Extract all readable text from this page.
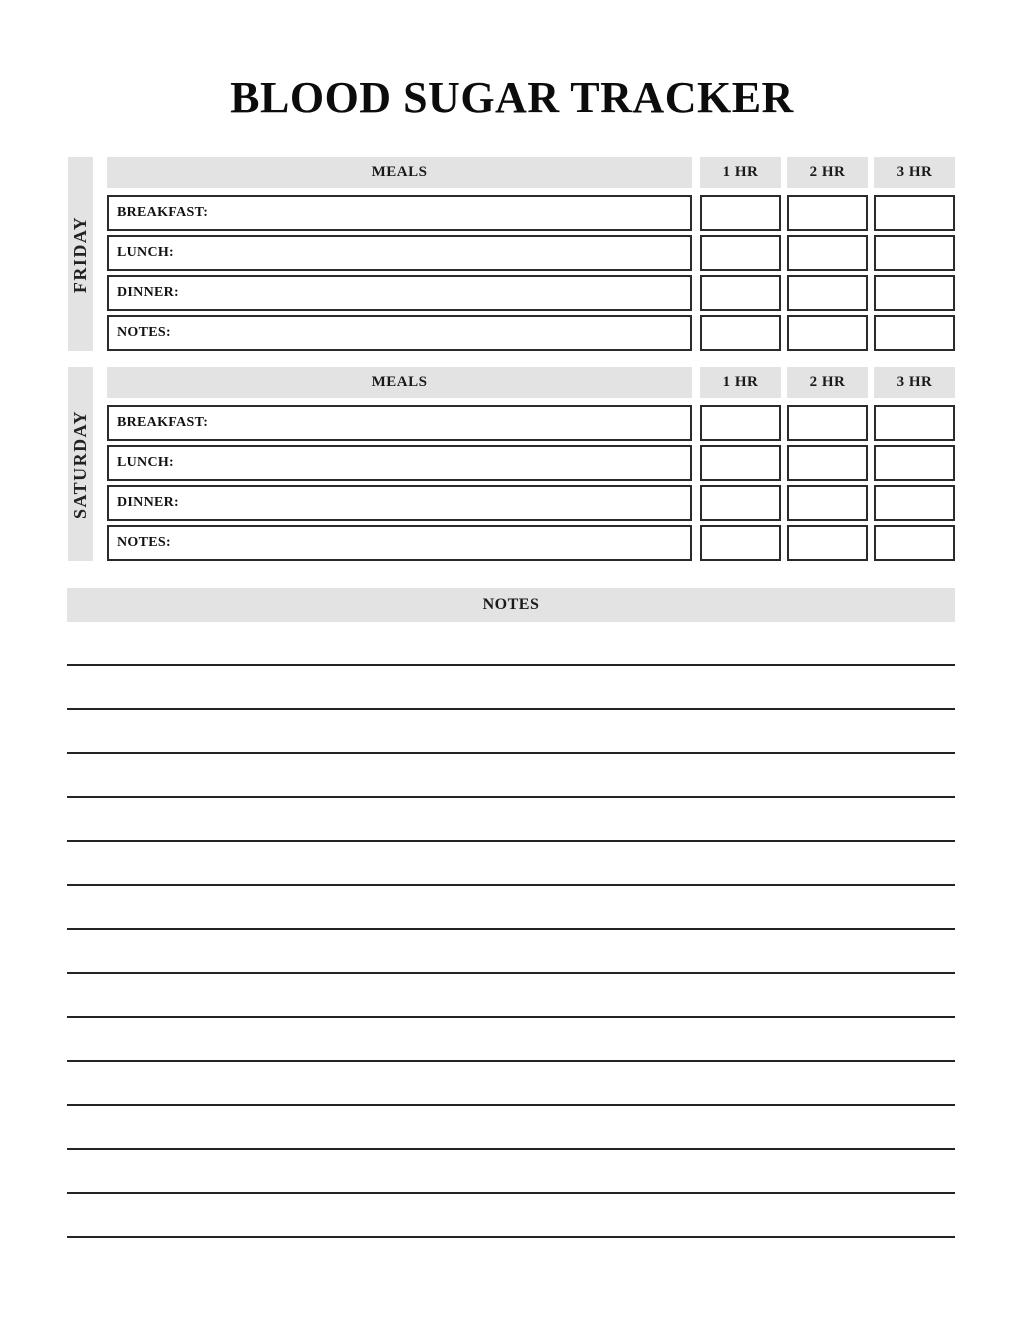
BLOOD SUGAR TRACKER
FRIDAY
MEALS	1 HR	2 HR	3 HR
BREAKFAST:
LUNCH:
DINNER:
NOTES:
SATURDAY
MEALS	1 HR	2 HR	3 HR
BREAKFAST:
LUNCH:
DINNER:
NOTES:
NOTES
